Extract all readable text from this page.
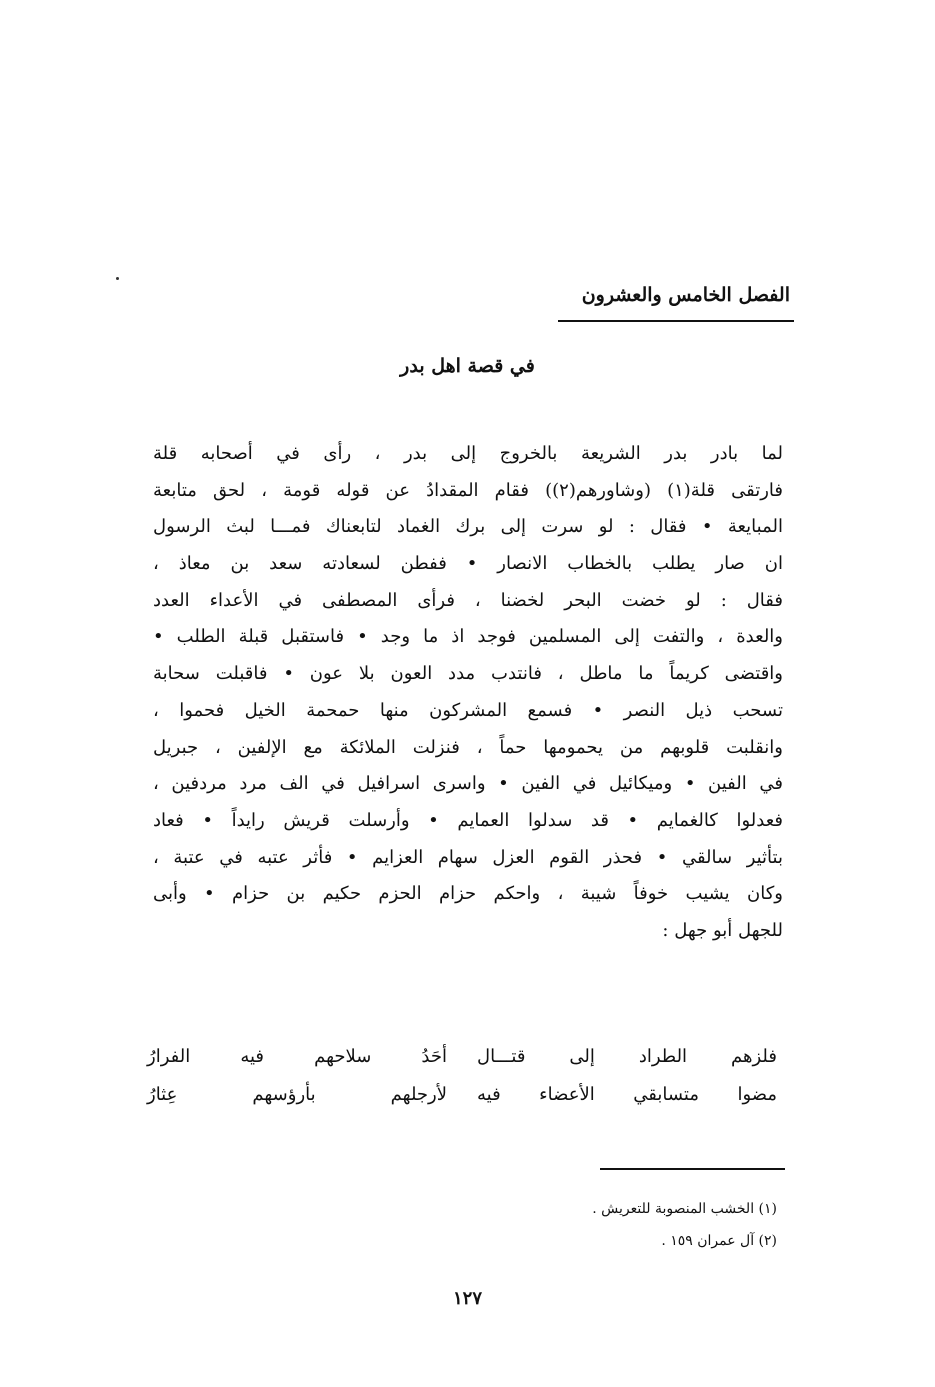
الفصل الخامس والعشرون
في قصة اهل بدر
لما بادر بدر الشريعة بالخروج إلى بدر ، رأى في أصحابه قلة
فارتقى قلة(١) (وشاورهم(٢)) فقام المقدادُ عن قوله قومة ، لحق متابعة
المبايعة • فقال : لو سرت إلى برك الغماد لتابعناك فمـــا لبث الرسول
ان صار يطلب بالخطاب الانصار • ففطن لسعادته سعد بن معاذ ،
فقال : لو خضت البحر لخضنا ، فرأى المصطفى في الأعداء العدد
والعدة ، والتفت إلى المسلمين فوجد اذ ما وجد • فاستقبل قبلة الطلب •
واقتضى كريماً ما ماطل ، فانتدب مدد العون بلا عون • فاقبلت سحابة
تسحب ذيل النصر • فسمع المشركون منها حمحمة الخيل فحموا ،
وانقلبت قلوبهم من يحمومها حماً ، فنزلت الملائكة مع الإلفين ، جبريل
في الفين • وميكائيل في الفين • واسرى اسرافيل في الف مرد مردفين ،
فعدلوا كالغمايم • قد سدلوا العمايم • وأرسلت قريش رايداً • فعاد
بتأثير سالقي • فحذر القوم العزل سهام العزايم • فأثر عتبه في عتبة ،
وكان يشيب خوفاً شيبة ، واحكم حزام الحزم حكيم بن حزام • وأبى
للجهل أبو جهل :
فلزهم الطراد إلى قتـــال
أحَدُ سلاحهم فيه الفرارُ
مضوا متسابقي الأعضاء فيه
لأرجلهم بأرؤسهم عِثارُ
(١) الخشب المنصوبة للتعريش .
(٢) آل عمران ١٥٩ .
١٢٧
